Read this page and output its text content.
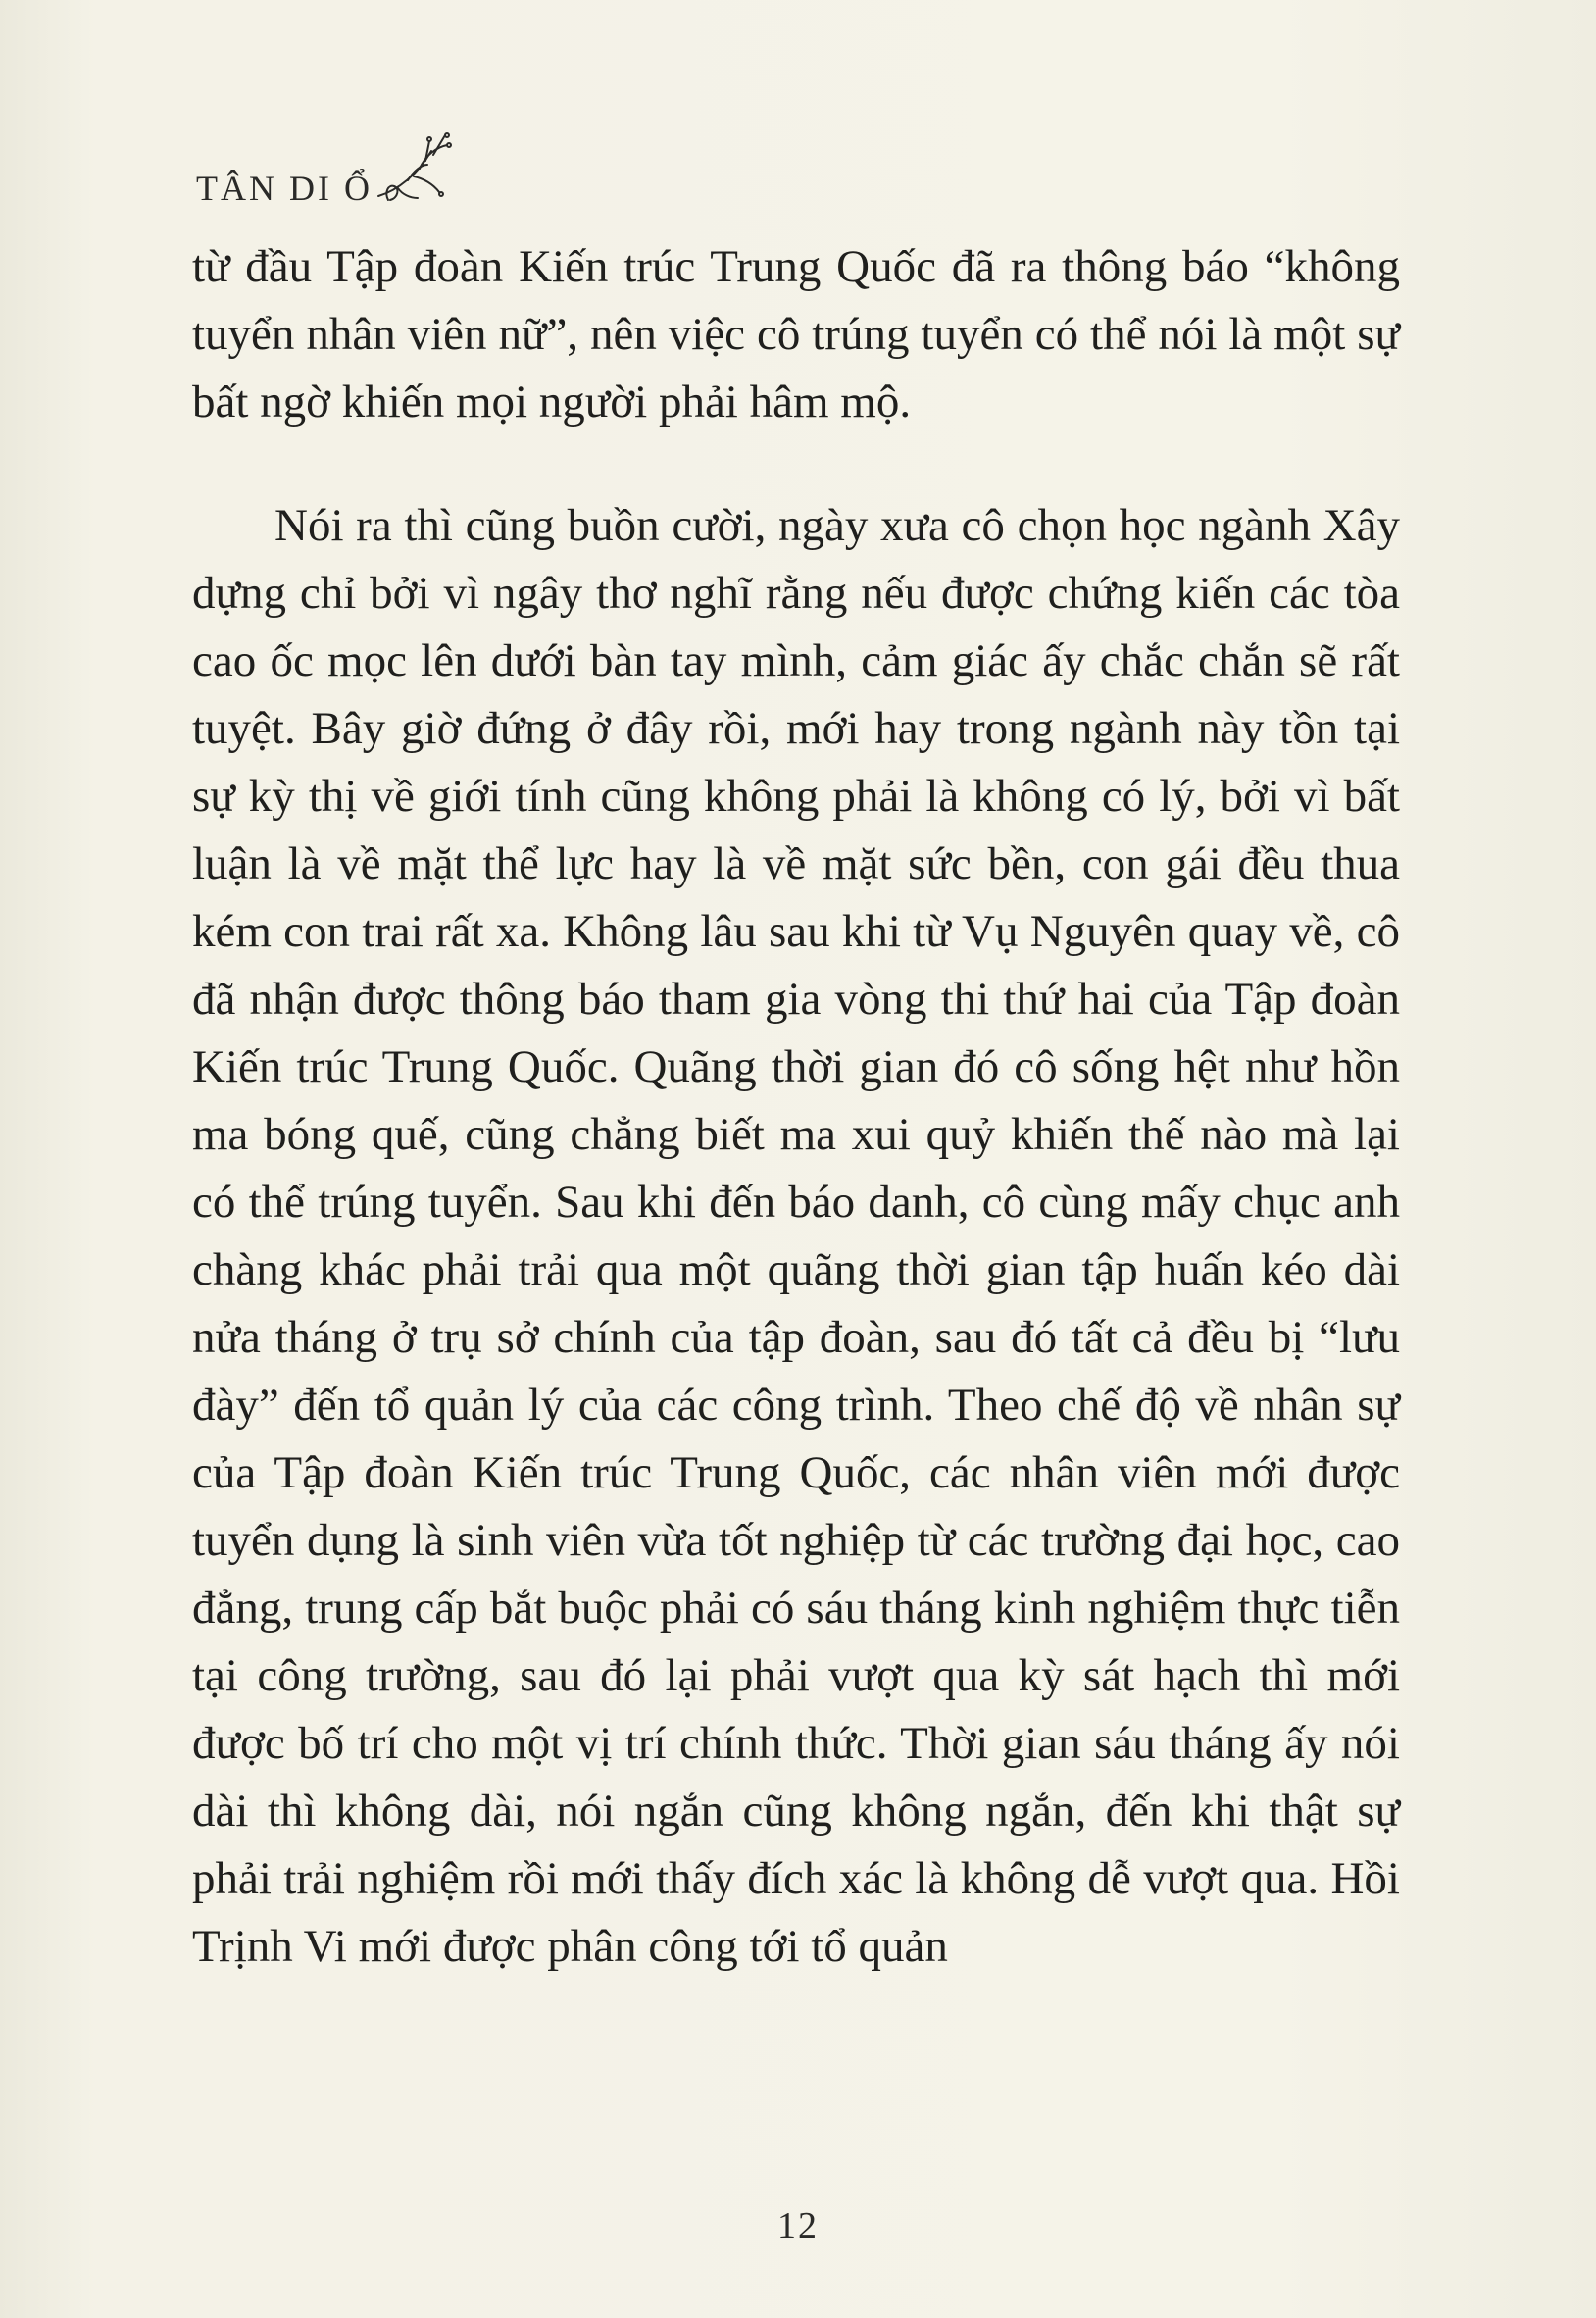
TÂN DI Ổ

từ đầu Tập đoàn Kiến trúc Trung Quốc đã ra thông báo “không tuyển nhân viên nữ”, nên việc cô trúng tuyển có thể nói là một sự bất ngờ khiến mọi người phải hâm mộ.

Nói ra thì cũng buồn cười, ngày xưa cô chọn học ngành Xây dựng chỉ bởi vì ngây thơ nghĩ rằng nếu được chứng kiến các tòa cao ốc mọc lên dưới bàn tay mình, cảm giác ấy chắc chắn sẽ rất tuyệt. Bây giờ đứng ở đây rồi, mới hay trong ngành này tồn tại sự kỳ thị về giới tính cũng không phải là không có lý, bởi vì bất luận là về mặt thể lực hay là về mặt sức bền, con gái đều thua kém con trai rất xa. Không lâu sau khi từ Vụ Nguyên quay về, cô đã nhận được thông báo tham gia vòng thi thứ hai của Tập đoàn Kiến trúc Trung Quốc. Quãng thời gian đó cô sống hệt như hồn ma bóng quế, cũng chẳng biết ma xui quỷ khiến thế nào mà lại có thể trúng tuyển. Sau khi đến báo danh, cô cùng mấy chục anh chàng khác phải trải qua một quãng thời gian tập huấn kéo dài nửa tháng ở trụ sở chính của tập đoàn, sau đó tất cả đều bị “lưu đày” đến tổ quản lý của các công trình. Theo chế độ về nhân sự của Tập đoàn Kiến trúc Trung Quốc, các nhân viên mới được tuyển dụng là sinh viên vừa tốt nghiệp từ các trường đại học, cao đẳng, trung cấp bắt buộc phải có sáu tháng kinh nghiệm thực tiễn tại công trường, sau đó lại phải vượt qua kỳ sát hạch thì mới được bố trí cho một vị trí chính thức. Thời gian sáu tháng ấy nói dài thì không dài, nói ngắn cũng không ngắn, đến khi thật sự phải trải nghiệm rồi mới thấy đích xác là không dễ vượt qua. Hồi Trịnh Vi mới được phân công tới tổ quản

12
